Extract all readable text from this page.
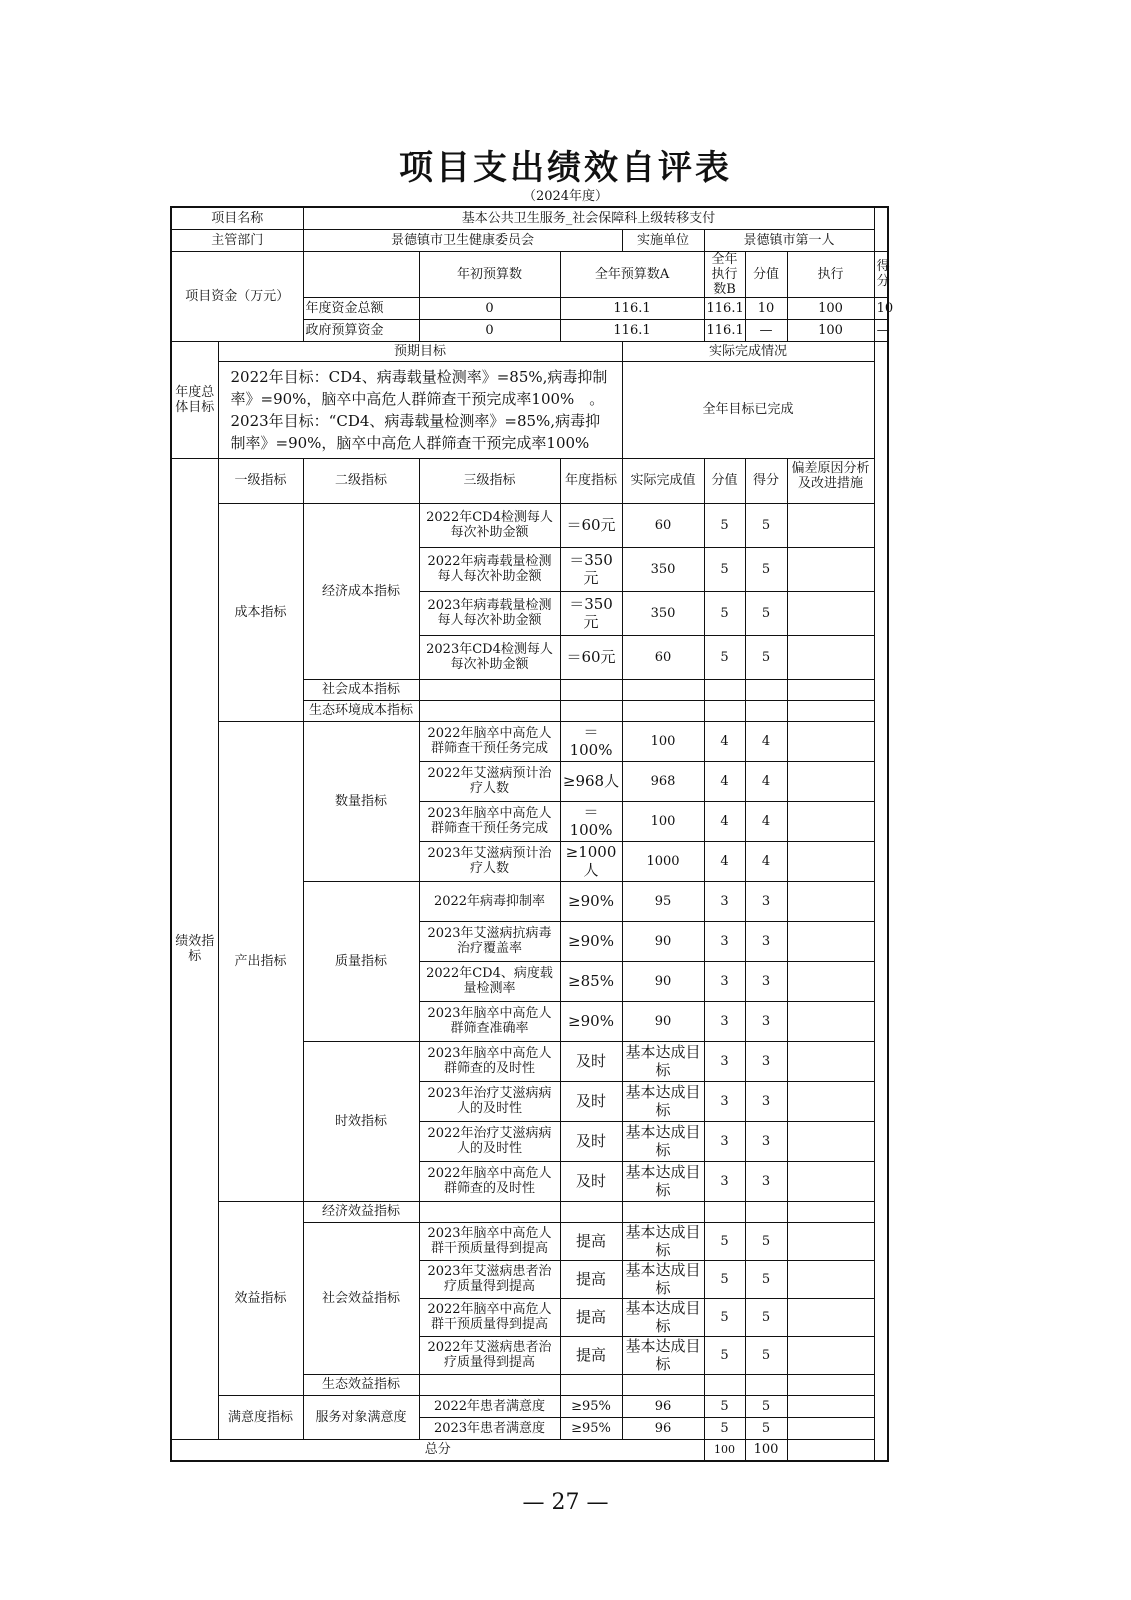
项目支出绩效自评表
（2024年度）
项目名称		基本公共卫生服务_社会保障科上级转移支付							
主管部门		景德镇市卫生健康委员会			实施单位	景德镇市第一人			
项目资金（万元）			年初预算数	全年预算数A		全年执行数B	分值	执行	得分
		年度资金总额	0	116.1		116.1	10	100	10
		政府预算资金	0	116.1		116.1	—	100	—
年度总体目标	预期目标				实际完成情况				

	2022年目标：CD4、病毒载量检测率》=85%,病毒抑制率》=90%，脑卒中高危人群筛查干预完成率100%　。　　2023年目标：“CD4、病毒载量检测率》=85%,病毒抑制率》=90%，脑卒中高危人群筛查干预完成率100%				全年目标已完成				
绩效指标	一级指标	二级指标	三级指标	年度指标	实际完成值	分值	得分	偏差原因分析及改进措施	

	成本指标	经济成本指标	2022年CD4检测每人每次补助金额	＝60元	60	5	5		
			2022年病毒载量检测每人每次补助金额	＝350元	350	5	5		
			2023年病毒载量检测每人每次补助金额	＝350元	350	5	5		
			2023年CD4检测每人每次补助金额	＝60元	60	5	5		
		社会成本指标							
		生态环境成本指标							
	产出指标	数量指标	2022年脑卒中高危人群筛查干预任务完成	＝100%	100	4	4		
			2022年艾滋病预计治疗人数	≥968人	968	4	4		
			2023年脑卒中高危人群筛查干预任务完成	＝100%	100	4	4		
			2023年艾滋病预计治疗人数	≥1000人	1000	4	4		
		质量指标	2022年病毒抑制率	≥90%	95	3	3		
			2023年艾滋病抗病毒治疗覆盖率	≥90%	90	3	3		
			2022年CD4、病度载量检测率	≥85%	90	3	3		
			2023年脑卒中高危人群筛查准确率	≥90%	90	3	3		
		时效指标	2023年脑卒中高危人群筛查的及时性	及时	基本达成目标	3	3		
			2023年治疗艾滋病病人的及时性	及时	基本达成目标	3	3		
			2022年治疗艾滋病病人的及时性	及时	基本达成目标	3	3		
			2022年脑卒中高危人群筛查的及时性	及时	基本达成目标	3	3		
	效益指标	经济效益指标							
		社会效益指标	2023年脑卒中高危人群干预质量得到提高	提高	基本达成目标	5	5		
			2023年艾滋病患者治疗质量得到提高	提高	基本达成目标	5	5		
			2022年脑卒中高危人群干预质量得到提高	提高	基本达成目标	5	5		
			2022年艾滋病患者治疗质量得到提高	提高	基本达成目标	5	5		
		生态效益指标							
	满意度指标	服务对象满意度	2022年患者满意度	≥95%	96	5	5		
			2023年患者满意度	≥95%	96	5	5		
总分						100	100		
— 27 —
